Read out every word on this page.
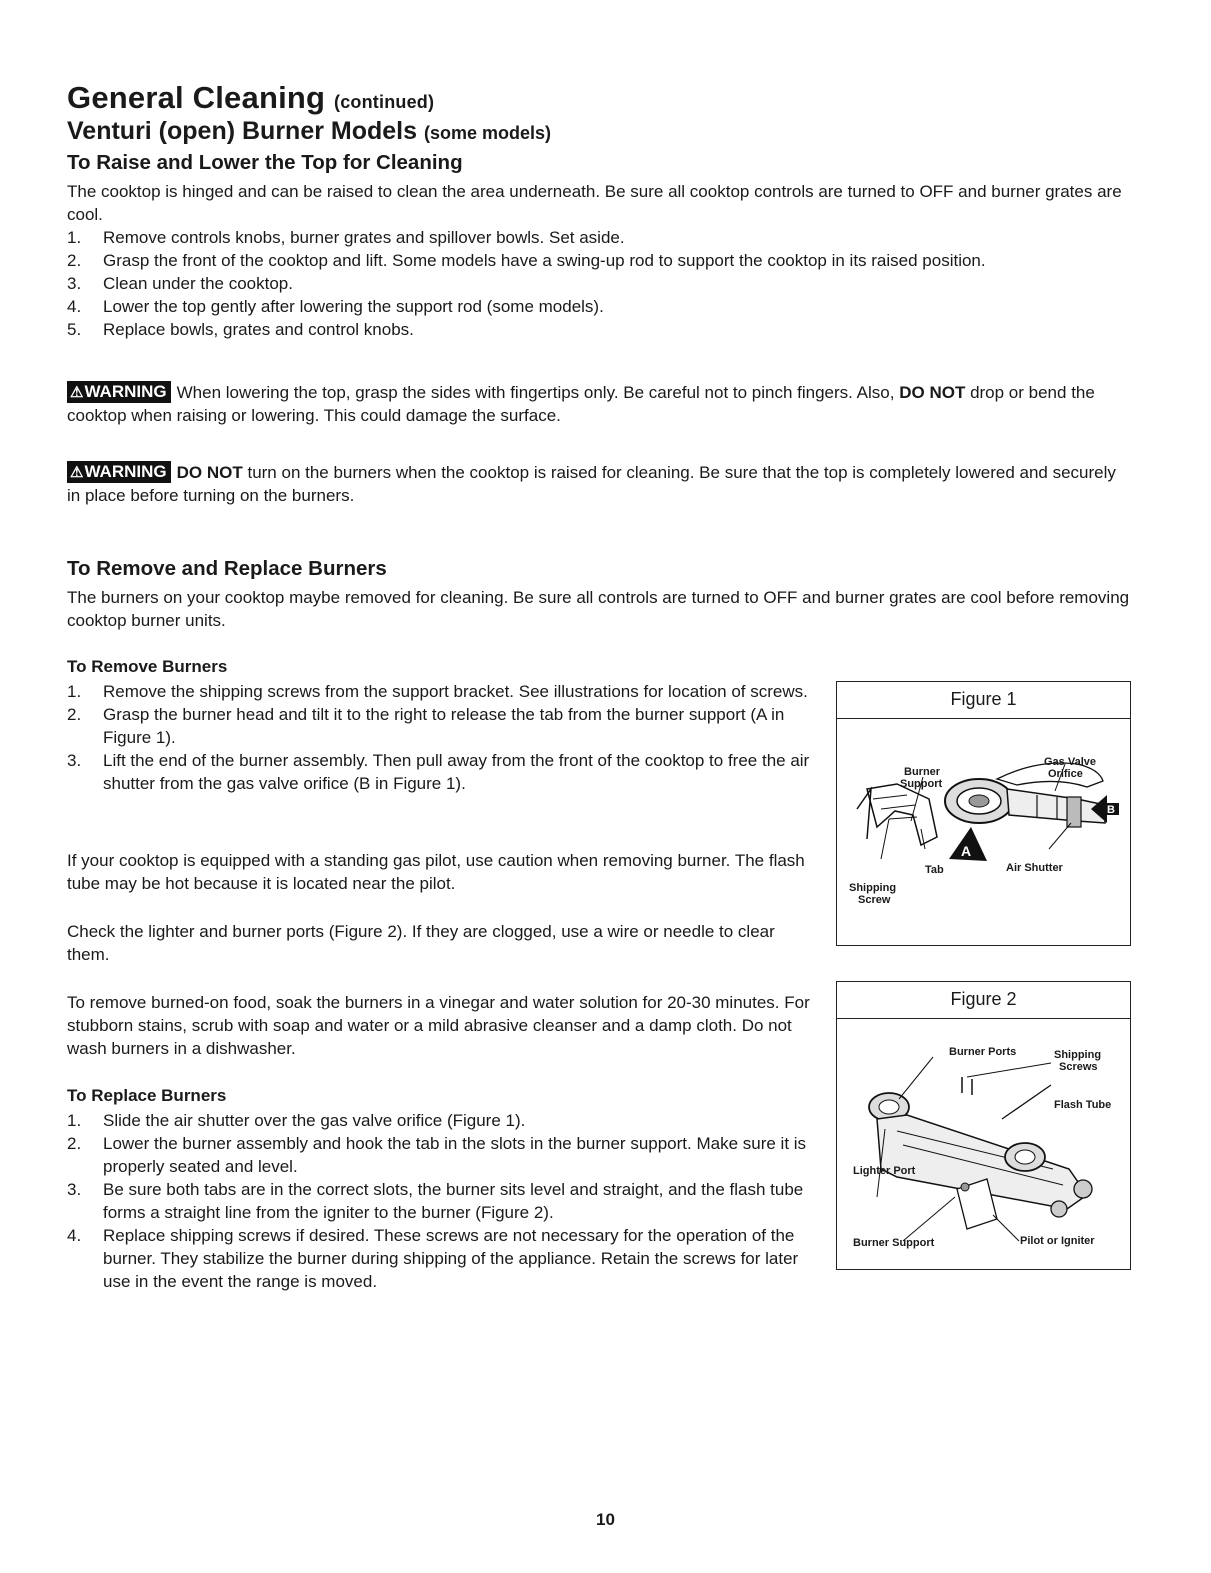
General Cleaning (continued)
Venturi (open) Burner Models (some models)
To Raise and Lower the Top for Cleaning
The cooktop is hinged and can be raised to clean the area underneath. Be sure all cooktop controls are turned to OFF and burner grates are cool.
1. Remove controls knobs, burner grates and spillover bowls. Set aside.
2. Grasp the front of the cooktop and lift. Some models have a swing-up rod to support the cooktop in its raised position.
3. Clean under the cooktop.
4. Lower the top gently after lowering the support rod (some models).
5. Replace bowls, grates and control knobs.
⚠WARNING When lowering the top, grasp the sides with fingertips only. Be careful not to pinch fingers. Also, DO NOT drop or bend the cooktop when raising or lowering. This could damage the surface.
⚠WARNING DO NOT turn on the burners when the cooktop is raised for cleaning. Be sure that the top is completely lowered and securely in place before turning on the burners.
To Remove and Replace Burners
The burners on your cooktop maybe removed for cleaning. Be sure all controls are turned to OFF and burner grates are cool before removing cooktop burner units.
To Remove Burners
1. Remove the shipping screws from the support bracket. See illustrations for location of screws.
2. Grasp the burner head and tilt it to the right to release the tab from the burner support (A in Figure 1).
3. Lift the end of the burner assembly. Then pull away from the front of the cooktop to free the air shutter from the gas valve orifice (B in Figure 1).
If your cooktop is equipped with a standing gas pilot, use caution when removing burner. The flash tube may be hot because it is located near the pilot.
Check the lighter and burner ports (Figure 2). If they are clogged, use a wire or needle to clear them.
To remove burned-on food, soak the burners in a vinegar and water solution for 20-30 minutes. For stubborn stains, scrub with soap and water or a mild abrasive cleanser and a damp cloth. Do not wash burners in a dishwasher.
To Replace Burners
1. Slide the air shutter over the gas valve orifice (Figure 1).
2. Lower the burner assembly and hook the tab in the slots in the burner support. Make sure it is properly seated and level.
3. Be sure both tabs are in the correct slots, the burner sits level and straight, and the flash tube forms a straight line from the igniter to the burner (Figure 2).
4. Replace shipping screws if desired. These screws are not necessary for the operation of the burner. They stabilize the burner during shipping of the appliance. Retain the screws for later use in the event the range is moved.
Figure 1
A
B
Burner
Support
Gas Valve
Orifice
Tab	Air Shutter
Shipping
Screw
Figure 2
Burner Ports	Shipping
Screws
Flash Tube
Lighter Port
Burner Support	Pilot or Igniter
10
